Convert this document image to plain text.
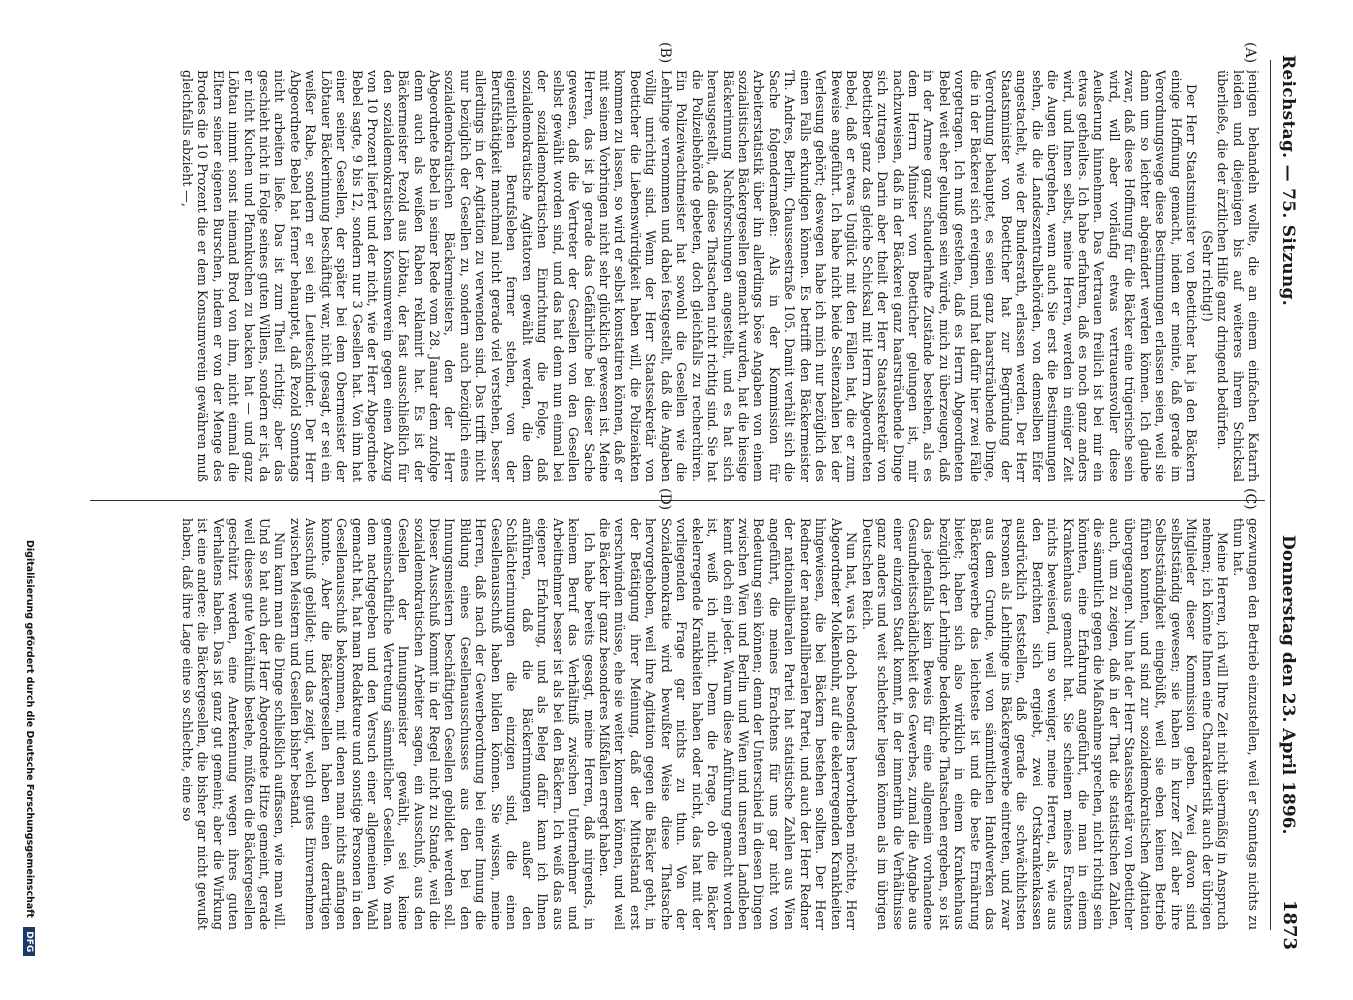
Reichstag. — 75. Sitzung.
Donnerstag den 23. April 1896.
1873
(A)
(B)
(C)
(D)

jenigen behandeln wollte, die an einem einfachen Katarrh leiden und diejenigen bis auf weiteres ihrem Schicksal überließe, die der ärztlichen Hilfe ganz dringend bedürfen.

(Sehr richtig!)

Der Herr Staatsminister von Boetticher hat ja den Bäckern einige Hoffnung gemacht, indem er meinte, daß gerade im Verordnungswege diese Bestimmungen erlassen seien, weil sie dann um so leichter abgeändert werden können. Ich glaube zwar, daß diese Hoffnung für die Bäcker eine trügerische sein wird, will aber vorläufig etwas vertrauensvoller diese Aeußerung hinnehmen. Das Vertrauen freilich ist bei mir ein etwas getheiltes. Ich habe erfahren, daß es noch ganz anders wird, und Ihnen selbst, meine Herren, werden in einiger Zeit die Augen übergehen, wenn auch Sie erst die Bestimmungen sehen, die die Landeszentralbehörden, von demselben Eifer angestachelt, wie der Bundesrath, erlassen werden. Der Herr Staatsminister von Boetticher hat zur Begründung der Verordnung behauptet, es seien ganz haarsträubende Dinge, die in der Bäckerei sich ereignen, und hat dafür hier zwei Fälle vorgetragen. Ich muß gestehen, daß es Herrn Abgeordneten Bebel weit eher gelungen sein würde, mich zu überzeugen, daß in der Armee ganz schauderhafte Zustände bestehen, als es dem Herrn Minister von Boetticher gelungen ist, mir nachzuweisen, daß in der Bäckerei ganz haarsträubende Dinge sich zutragen. Darin aber theilt der Herr Staatssekretär von Boetticher ganz das gleiche Schicksal mit Herrn Abgeordneten Bebel, daß er etwas Unglück mit den Fällen hat, die er zum Beweise angeführt. Ich habe nicht beide Seitenzahlen bei der Verlesung gehört; deswegen habe ich mich nur bezüglich des einen Falls erkundigen können. Es betrifft den Bäckermeister Th. Andres, Berlin, Chausseestraße 105. Damit verhält sich die Sache folgendermaßen: Als in der Kommission für Arbeiterstatistik über ihn allerdings böse Angaben von einem sozialistischen Bäckergesellen gemacht wurden, hat die hiesige Bäckerinnung Nachforschungen angestellt, und es hat sich herausgestellt, daß diese Thatsachen nicht richtig sind. Sie hat die Polizeibehörde gebeten, doch gleichfalls zu recherchiren. Ein Polizeiwachtmeister hat sowohl die Gesellen wie die Lehrlinge vernommen und dabei festgestellt, daß die Angaben völlig unrichtig sind. Wenn der Herr Staatssekretär von Boetticher die Liebenswürdigkeit haben will, die Polizeiakten kommen zu lassen, so wird er selbst konstatiren können, daß er mit seinem Vorbringen nicht sehr glücklich gewesen ist. Meine Herren, das ist ja gerade das Gefährliche bei dieser Sache gewesen, daß die Vertreter der Gesellen von den Gesellen selbst gewählt worden sind, und das hat denn nun einmal bei der sozialdemokratischen Einrichtung die Folge, daß sozialdemokratische Agitatoren gewählt werden, die dem eigentlichen Berufsleben ferner stehen, von der Berufsthätigkeit manchmal nicht gerade viel verstehen, besser allerdings in der Agitation zu verwenden sind. Das trifft nicht nur bezüglich der Gesellen zu, sondern auch bezüglich eines sozialdemokratischen Bäckermeisters, den der Herr Abgeordnete Bebel in seiner Rede vom 28. Januar dem zufolge denn auch als weißen Raben reklamirt hat. Es ist der Bäckermeister Pezold aus Löbtau, der fast ausschließlich für den sozialdemokratischen Konsumverein gegen einen Abzug von 10 Prozent liefert und der nicht, wie der Herr Abgeordnete Bebel sagte, 9 bis 12, sondern nur 3 Gesellen hat. Von ihm hat einer seiner Gesellen, der später bei dem Obermeister der Löbtauer Bäckerinnung beschäftigt war, nicht gesagt, er sei ein weißer Rabe, sondern er sei ein Leuteschinder. Der Herr Abgeordnete Bebel hat ferner behauptet, daß Pezold Sonntags nicht arbeiten ließe. Das ist zum Theil richtig; aber das geschieht nicht in Folge seines guten Willens, sondern er ist, da er nicht Kuchen und Pfannkuchen zu backen hat — und ganz Löbtau nimmt sonst niemand Brod von ihm, nicht einmal die Eltern seiner eigenen Burschen, indem er von der Menge des Brodes die 10 Prozent die er dem Konsumverein gewähren muß gleichfalls abzieht —,

gezwungen den Betrieb einzustellen, weil er Sonntags nichts zu thun hat.

Meine Herren, ich will Ihre Zeit nicht übermäßig in Anspruch nehmen; ich könnte Ihnen eine Charakteristik auch der übrigen Mitglieder dieser Kommission geben. Zwei davon sind selbstständig gewesen; sie haben in kurzer Zeit aber ihre Selbstständigkeit eingebüßt, weil sie eben keinen Betrieb führen konnten, und sind zur sozialdemokratischen Agitation übergegangen. Nun hat der Herr Staatssekretär von Boetticher auch, um zu zeigen, daß in der That die statistischen Zahlen, die sämmtlich gegen die Maßnahme sprechen, nicht richtig sein könnten, eine Erfahrung angeführt, die man in einem Krankenhaus gemacht hat. Sie scheinen meines Erachtens nichts beweisend, um so weniger, meine Herren, als, wie aus den Berichten sich ergiebt, zwei Ortskrankenkassen ausdrücklich feststellen, daß gerade die schwächlichsten Personen als Lehrlinge ins Bäckergewerbe eintreten, und zwar aus dem Grunde, weil von sämmtlichen Handwerken das Bäckergewerbe das leichteste ist und die beste Ernährung bietet; haben sich also wirklich in einem Krankenhaus bezüglich der Lehrlinge bedenkliche Thatsachen ergeben, so ist das jedenfalls kein Beweis für eine allgemein vorhandene Gesundheitsschädlichkeit des Gewerbes, zumal die Angabe aus einer einzigen Stadt kommt, in der immerhin die Verhältnisse ganz anders und weit schlechter liegen können als im übrigen Deutschen Reich.

Nun hat, was ich doch besonders hervorheben möchte, Herr Abgeordneter Molkenbuhr, auf die ekelerregenden Krankheiten hingewiesen, die bei Bäckern bestehen sollten. Der Herr Redner der nationalliberalen Partei, und auch der Herr Redner der nationalliberalen Partei hat statistische Zahlen aus Wien angeführt, die meines Erachtens für uns gar nicht von Bedeutung sein können; denn der Unterschied in diesen Dingen zwischen Wien und Berlin und Wien und unserem Landleben kennt doch ein jeder. Warum diese Anführung gemacht worden ist, weiß ich nicht. Denn die Frage, ob die Bäcker ekelerregende Krankheiten haben oder nicht, das hat mit der vorliegenden Frage gar nichts zu thun. Von der Sozialdemokratie wird bewußter Weise diese Thatsache hervorgehoben, weil ihre Agitation gegen die Bäcker geht, in der Betätigung ihrer Meinung, daß der Mittelstand erst verschwinden müsse, ehe sie weiter kommen können, und weil die Bäcker ihr ganz besonderes Mißfallen erregt haben.

Ich habe bereits gesagt, meine Herren, daß nirgends, in keinem Beruf das Verhältniß zwischen Unternehmer und Arbeitnehmer besser ist als bei den Bäckern. Ich weiß das aus eigener Erfahrung, und als Beleg dafür kann ich Ihnen anführen, daß die Bäckerinnungen außer den Schlächterinnungen die einzigen sind, die einen Gesellenausschuß haben bilden können. Sie wissen, meine Herren, daß nach der Gewerbeordnung bei einer Innung die Bildung eines Gesellenausschusses aus den bei den Innungsmeistern beschäftigten Gesellen gebildet werden soll. Dieser Ausschuß kommt in der Regel nicht zu Stande, weil die sozialdemokratischen Arbeiter sagen, ein Ausschuß, aus den Gesellen der Innungsmeister gewählt, sei keine gemeinschaftliche Vertretung sämmtlicher Gesellen. Wo man dem nachgegeben und den Versuch einer allgemeinen Wahl gemacht hat, hat man Redakteure und sonstige Personen in den Gesellenausschuß bekommen, mit denen man nichts anfangen konnte. Aber die Bäckergesellen haben einen derartigen Ausschuß gebildet; und das zeigt, welch gutes Einvernehmen zwischen Meistern und Gesellen bisher bestand.

Nun kann man die Dinge schließlich auffassen, wie man will. Und so hat auch der Herr Abgeordnete Hitze gemeint, gerade weil dieses gute Verhältniß bestehe, müßten die Bäckergesellen geschützt werden, eine Anerkennung wegen ihres guten Verhaltens haben. Das ist ganz gut gemeint; aber die Wirkung ist eine andere: die Bäckergesellen, die bisher gar nicht gewußt haben, daß ihre Lage eine so schlechte, eine so

Digitalisierung gefördert durch die Deutsche Forschungsgemeinschaft DFG
